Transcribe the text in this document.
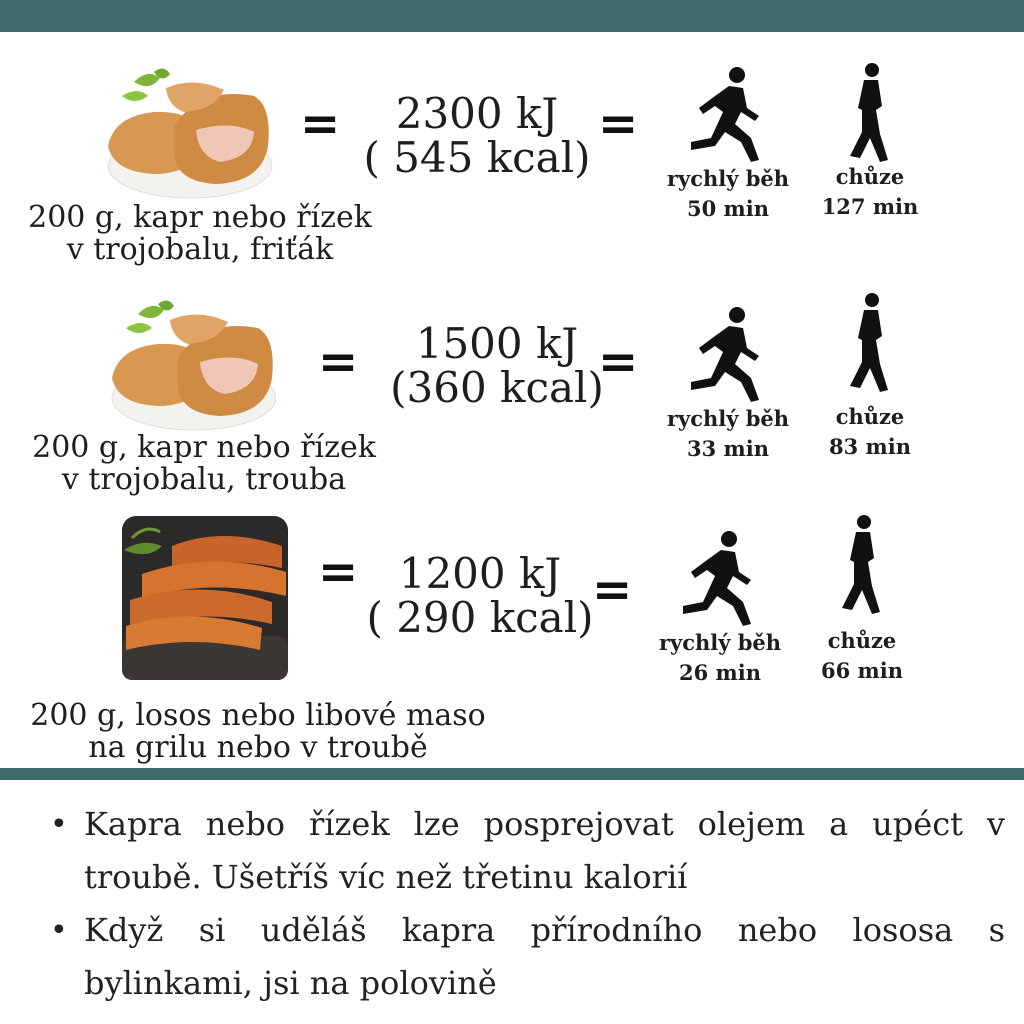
200 g, kapr nebo řízek
v trojobalu, friťák
=	2300 kJ
( 545 kcal)
=
rychlý běh
50 min
chůze
127 min
200 g, kapr nebo řízek
v trojobalu, trouba
=	1500 kJ
(360 kcal)
=
rychlý běh
33 min
chůze
83 min
200 g, losos nebo libové maso
na grilu nebo v troubě
= 1200 kJ
( 290 kcal)
=
rychlý běh
26 min
chůze
66 min
• Kapra nebo řízek lze posprejovat olejem a upéct v troubě. Ušetříš víc než třetinu kalorií
• Když si uděláš kapra přírodního nebo lososa s bylinkami, jsi na polovině
